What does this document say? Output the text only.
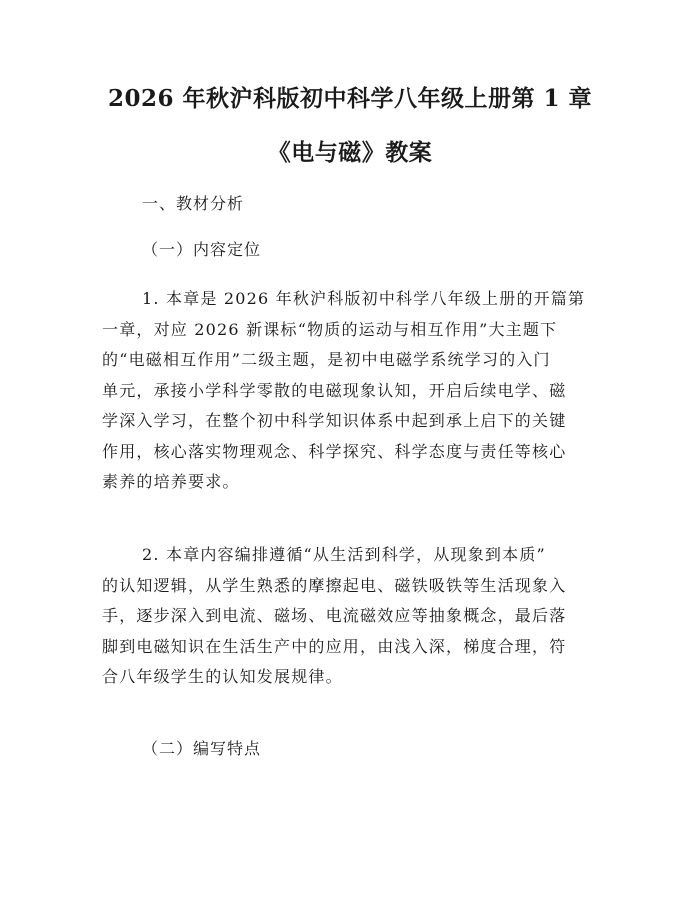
2026 年秋沪科版初中科学八年级上册第 1 章
《电与磁》教案
一、教材分析
（一）内容定位
1. 本章是 2026 年秋沪科版初中科学八年级上册的开篇第
一章，对应 2026 新课标“物质的运动与相互作用”大主题下
的“电磁相互作用”二级主题，是初中电磁学系统学习的入门
单元，承接小学科学零散的电磁现象认知，开启后续电学、磁
学深入学习，在整个初中科学知识体系中起到承上启下的关键
作用，核心落实物理观念、科学探究、科学态度与责任等核心
素养的培养要求。
2. 本章内容编排遵循“从生活到科学，从现象到本质”
的认知逻辑，从学生熟悉的摩擦起电、磁铁吸铁等生活现象入
手，逐步深入到电流、磁场、电流磁效应等抽象概念，最后落
脚到电磁知识在生活生产中的应用，由浅入深，梯度合理，符
合八年级学生的认知发展规律。
（二）编写特点
